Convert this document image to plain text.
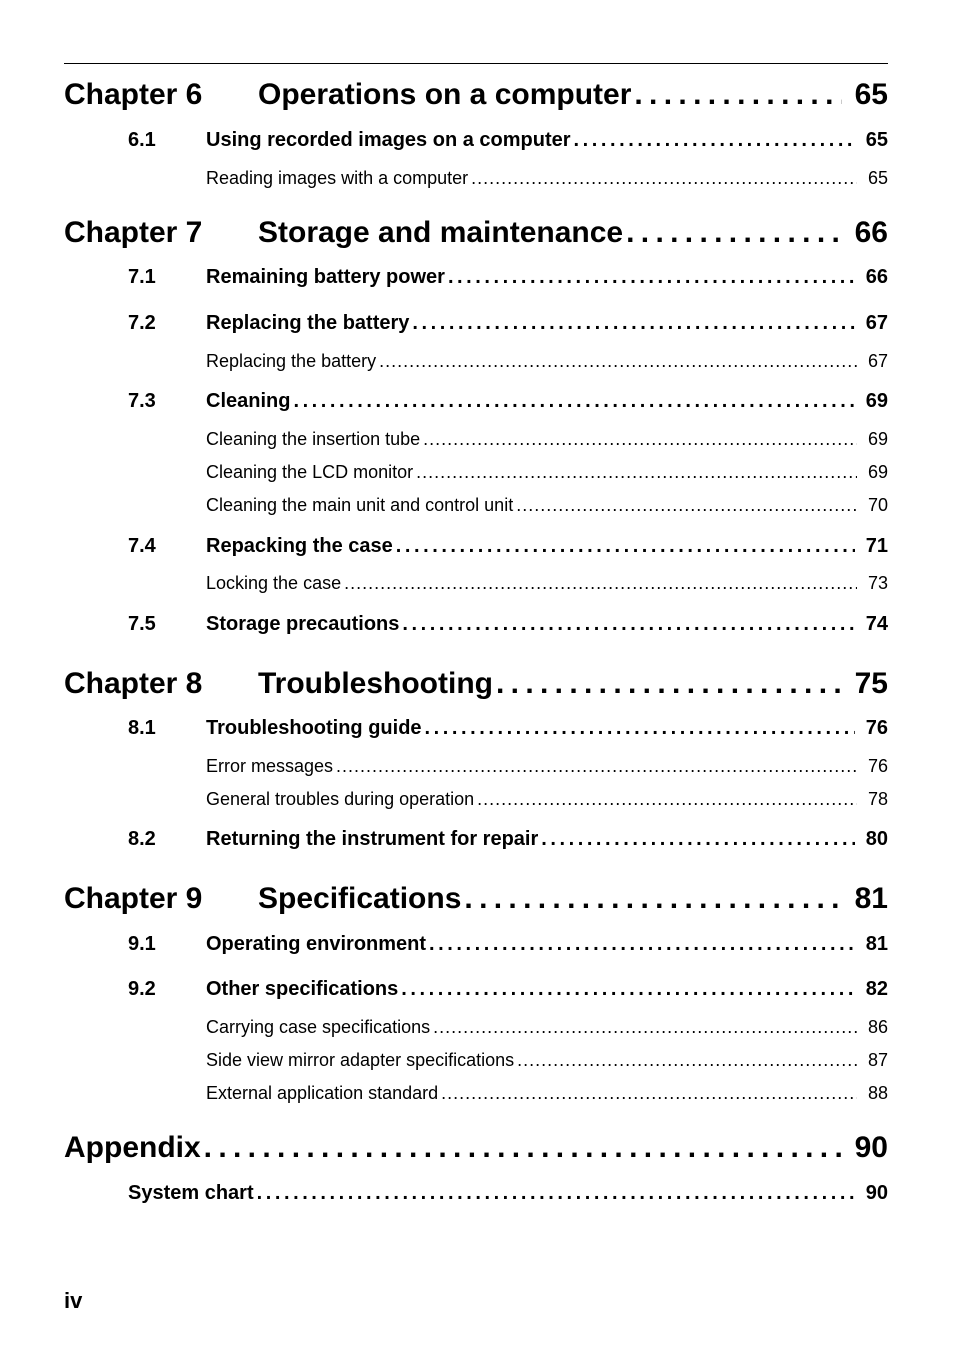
Chapter 6	Operations on a computer . . .	65
6.1	Using recorded images on a computer . . .	65
Reading images with a computer . . .	65
Chapter 7	Storage and maintenance . . .	66
7.1	Remaining battery power . . .	66
7.2	Replacing the battery . . .	67
Replacing the battery . . .	67
7.3	Cleaning . . .	69
Cleaning the insertion tube . . .	69
Cleaning the LCD monitor . . .	69
Cleaning the main unit and control unit . . .	70
7.4	Repacking the case . . .	71
Locking the case . . .	73
7.5	Storage precautions . . .	74
Chapter 8	Troubleshooting . . .	75
8.1	Troubleshooting guide . . .	76
Error messages . . .	76
General troubles during operation . . .	78
8.2	Returning the instrument for repair . . .	80
Chapter 9	Specifications . . .	81
9.1	Operating environment . . .	81
9.2	Other specifications . . .	82
Carrying case specifications . . .	86
Side view mirror adapter specifications . . .	87
External application standard . . .	88
Appendix . . .	90
System chart . . .	90
iv
